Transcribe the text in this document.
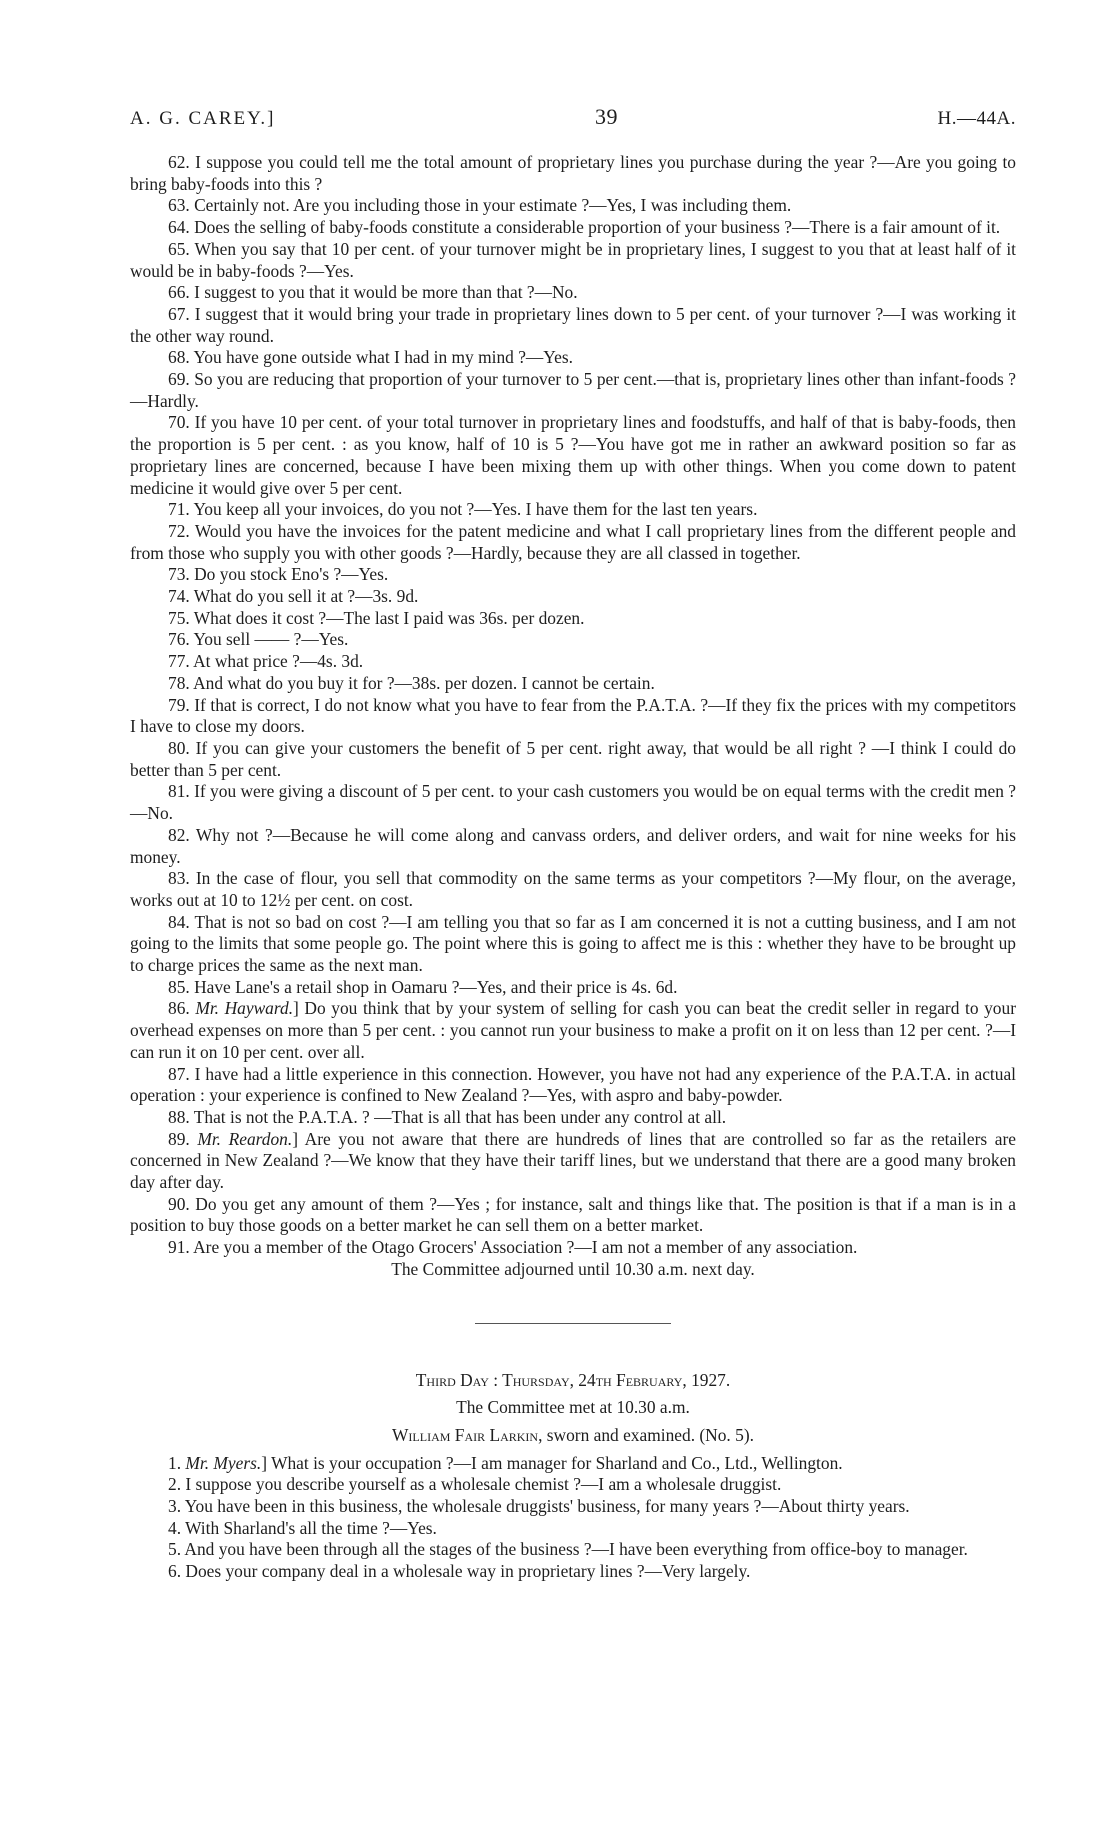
A. G. CAREY.]	39	H.—44A.

62. I suppose you could tell me the total amount of proprietary lines you purchase during the year ?—Are you going to bring baby-foods into this ?

63. Certainly not. Are you including those in your estimate ?—Yes, I was including them.

64. Does the selling of baby-foods constitute a considerable proportion of your business ?—There is a fair amount of it.

65. When you say that 10 per cent. of your turnover might be in proprietary lines, I suggest to you that at least half of it would be in baby-foods ?—Yes.

66. I suggest to you that it would be more than that ?—No.

67. I suggest that it would bring your trade in proprietary lines down to 5 per cent. of your turnover ?—I was working it the other way round.

68. You have gone outside what I had in my mind ?—Yes.

69. So you are reducing that proportion of your turnover to 5 per cent.—that is, proprietary lines other than infant-foods ?—Hardly.

70. If you have 10 per cent. of your total turnover in proprietary lines and foodstuffs, and half of that is baby-foods, then the proportion is 5 per cent. : as you know, half of 10 is 5 ?—You have got me in rather an awkward position so far as proprietary lines are concerned, because I have been mixing them up with other things. When you come down to patent medicine it would give over 5 per cent.

71. You keep all your invoices, do you not ?—Yes. I have them for the last ten years.

72. Would you have the invoices for the patent medicine and what I call proprietary lines from the different people and from those who supply you with other goods ?—Hardly, because they are all classed in together.

73. Do you stock Eno's ?—Yes.

74. What do you sell it at ?—3s. 9d.

75. What does it cost ?—The last I paid was 36s. per dozen.

76. You sell —— ?—Yes.

77. At what price ?—4s. 3d.

78. And what do you buy it for ?—38s. per dozen. I cannot be certain.

79. If that is correct, I do not know what you have to fear from the P.A.T.A. ?—If they fix the prices with my competitors I have to close my doors.

80. If you can give your customers the benefit of 5 per cent. right away, that would be all right ? —I think I could do better than 5 per cent.

81. If you were giving a discount of 5 per cent. to your cash customers you would be on equal terms with the credit men ?—No.

82. Why not ?—Because he will come along and canvass orders, and deliver orders, and wait for nine weeks for his money.

83. In the case of flour, you sell that commodity on the same terms as your competitors ?—My flour, on the average, works out at 10 to 12½ per cent. on cost.

84. That is not so bad on cost ?—I am telling you that so far as I am concerned it is not a cutting business, and I am not going to the limits that some people go. The point where this is going to affect me is this : whether they have to be brought up to charge prices the same as the next man.

85. Have Lane's a retail shop in Oamaru ?—Yes, and their price is 4s. 6d.

86. Mr. Hayward.] Do you think that by your system of selling for cash you can beat the credit seller in regard to your overhead expenses on more than 5 per cent. : you cannot run your business to make a profit on it on less than 12 per cent. ?—I can run it on 10 per cent. over all.

87. I have had a little experience in this connection. However, you have not had any experience of the P.A.T.A. in actual operation : your experience is confined to New Zealand ?—Yes, with aspro and baby-powder.

88. That is not the P.A.T.A. ? —That is all that has been under any control at all.

89. Mr. Reardon.] Are you not aware that there are hundreds of lines that are controlled so far as the retailers are concerned in New Zealand ?—We know that they have their tariff lines, but we understand that there are a good many broken day after day.

90. Do you get any amount of them ?—Yes ; for instance, salt and things like that. The position is that if a man is in a position to buy those goods on a better market he can sell them on a better market.

91. Are you a member of the Otago Grocers' Association ?—I am not a member of any association.

The Committee adjourned until 10.30 a.m. next day.

Third Day : Thursday, 24th February, 1927.

The Committee met at 10.30 a.m.

William Fair Larkin, sworn and examined. (No. 5).

1. Mr. Myers.] What is your occupation ?—I am manager for Sharland and Co., Ltd., Wellington.

2. I suppose you describe yourself as a wholesale chemist ?—I am a wholesale druggist.

3. You have been in this business, the wholesale druggists' business, for many years ?—About thirty years.

4. With Sharland's all the time ?—Yes.

5. And you have been through all the stages of the business ?—I have been everything from office-boy to manager.

6. Does your company deal in a wholesale way in proprietary lines ?—Very largely.
